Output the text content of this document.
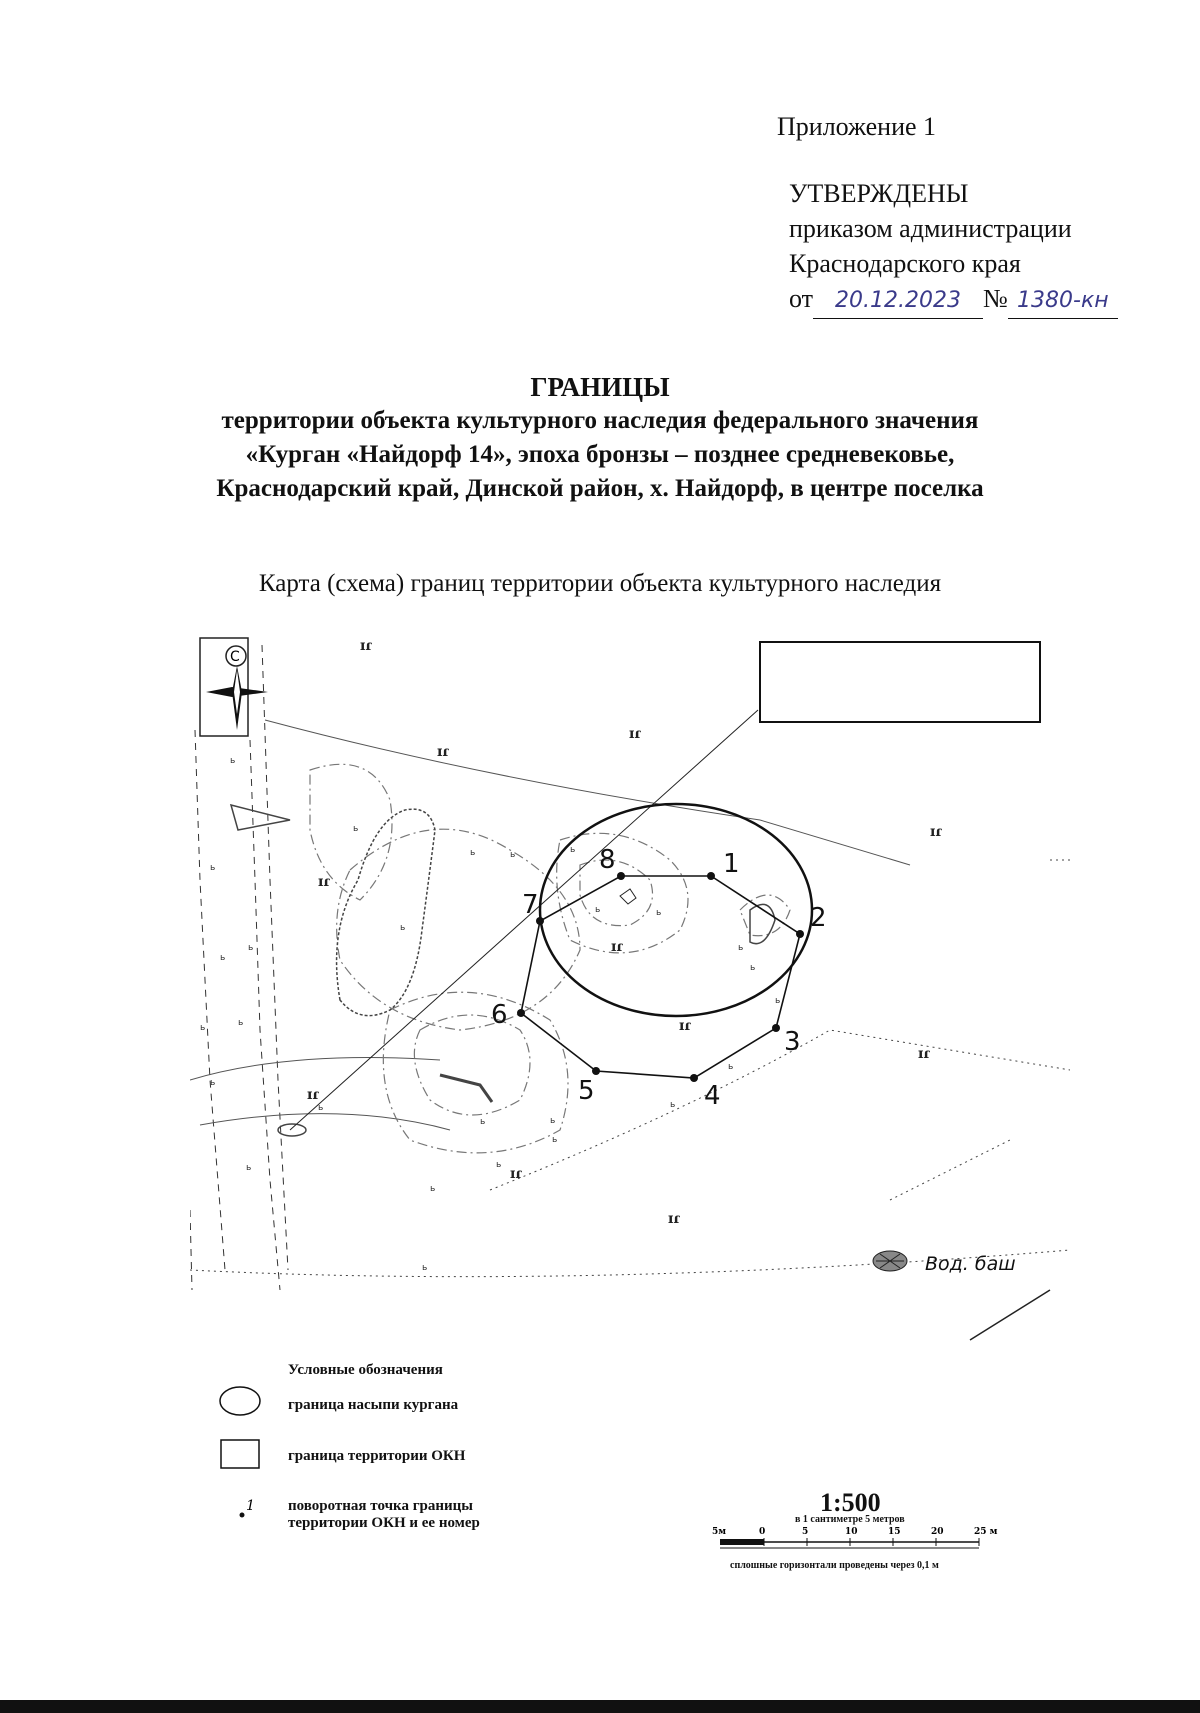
Приложение 1
УТВЕРЖДЕНЫ
приказом администрации
Краснодарского края
от 20.12.2023 № 1380-кн
ГРАНИЦЫ
территории объекта культурного наследия федерального значения
«Курган «Найдорф 14», эпоха бронзы – позднее средневековье,
Краснодарский край, Динской район, х. Найдорф, в центре поселка
Карта (схема) границ территории объекта культурного наследия
С
8	1
2
3
4
5
6
7
ɪɾ
ɪɾ
ɪɾ
ɪɾ
ɪɾ
ɪɾ
ɪɾ
ɪɾ
ɪɾ
ɪɾ
ɪɾ
ь
ь
ь
ь
ь
ь	ь	ь
ь
ь
ь
ь
ь
ь
ь
ь
ь
ь
ь
ь	ь
ь
ь
ь
ь
ь
ь
Вод. баш
Условные обозначения
1
граница насыпи кургана
граница территории ОКН
поворотная точка границы
территории ОКН и ее номер
1:500
в 1 сантиметре 5 метров
5м	0	5	10	15	20	25 м
сплошные горизонтали проведены через 0,1 м
